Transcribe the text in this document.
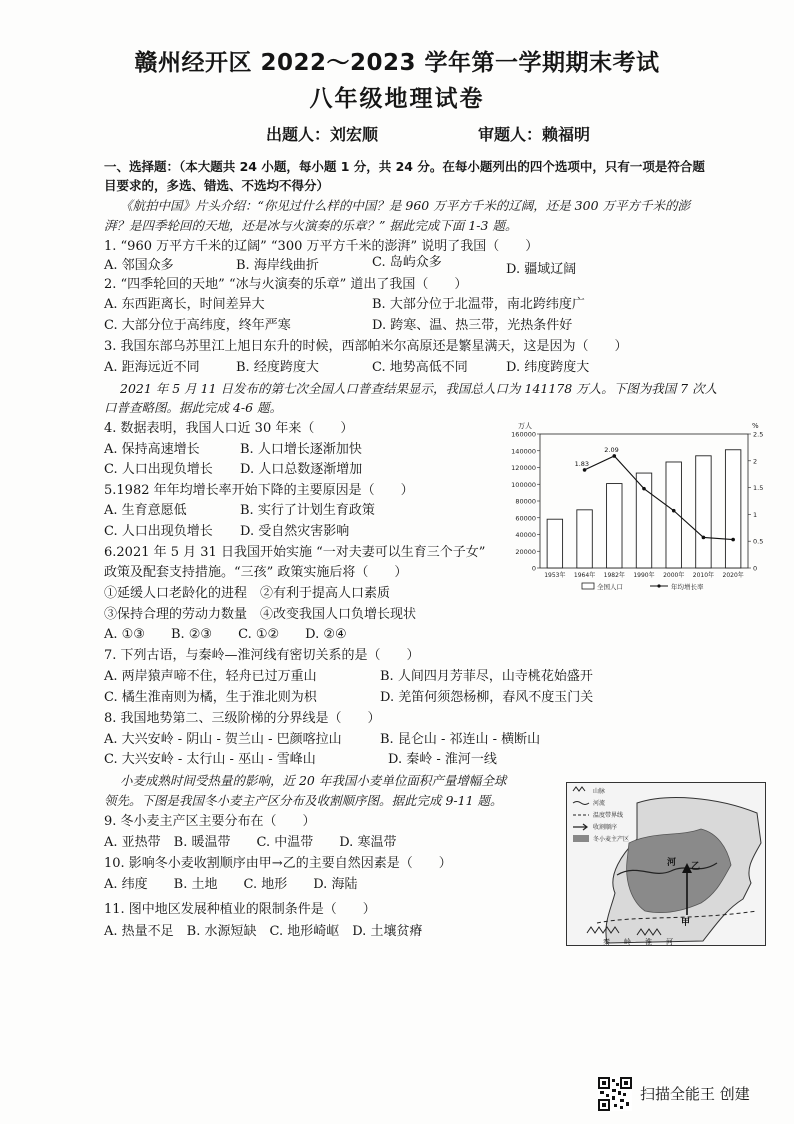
赣州经开区 2022～2023 学年第一学期期末考试
八年级地理试卷
出题人：刘宏顺	审题人：赖福明
一、选择题：（本大题共 24 小题，每小题 1 分，共 24 分。在每小题列出的四个选项中，只有一项是符合题
目要求的，多选、错选、不选均不得分）
《航拍中国》片头介绍：“你见过什么样的中国？是 960 万平方千米的辽阔，还是 300 万平方千米的澎
湃？是四季轮回的天地，还是冰与火演奏的乐章？” 据此完成下面 1-3 题。
1. “960 万平方千米的辽阔” “300 万平方千米的澎湃” 说明了我国（　　）
A. 邻国众多	B. 海岸线曲折	C. 岛屿众多	D. 疆域辽阔
2. “四季轮回的天地” “冰与火演奏的乐章” 道出了我国（　　）
A. 东西距离长，时间差异大	B. 大部分位于北温带，南北跨纬度广
C. 大部分位于高纬度，终年严寒	D. 跨寒、温、热三带，光热条件好
3. 我国东部乌苏里江上旭日东升的时候，西部帕米尔高原还是繁星满天，这是因为（　　）
A. 距海远近不同	B. 经度跨度大	C. 地势高低不同	D. 纬度跨度大
2021 年 5 月 11 日发布的第七次全国人口普查结果显示，我国总人口为 141178 万人。下图为我国 7 次人
口普查略图。据此完成 4-6 题。
4. 数据表明，我国人口近 30 年来（　　）
A. 保持高速增长	B. 人口增长逐渐加快
C. 人口出现负增长 D. 人口总数逐渐增加
5.1982 年年均增长率开始下降的主要原因是（　　）
A. 生育意愿低	B. 实行了计划生育政策
C. 人口出现负增长 D. 受自然灾害影响
6.2021 年 5 月 31 日我国开始实施 “一对夫妻可以生育三个子女”
政策及配套支持措施。“三孩” 政策实施后将（　　）
①延缓人口老龄化的进程　②有利于提高人口素质
③保持合理的劳动力数量　④改变我国人口负增长现状
A. ①③　　B. ②③　　C. ①②　　D. ②④
7. 下列古语，与秦岭—淮河线有密切关系的是（　　）
A. 两岸猿声啼不住，轻舟已过万重山	B. 人间四月芳菲尽，山寺桃花始盛开
C. 橘生淮南则为橘，生于淮北则为枳	D. 羌笛何须怨杨柳，春风不度玉门关
8. 我国地势第二、三级阶梯的分界线是（　　）
A. 大兴安岭 - 阴山 - 贺兰山 - 巴颜喀拉山	B. 昆仑山 - 祁连山 - 横断山
C. 大兴安岭 - 太行山 - 巫山 - 雪峰山	D. 秦岭 - 淮河一线
小麦成熟时间受热量的影响，近 20 年我国小麦单位面积产量增幅全球
领先。下图是我国冬小麦主产区分布及收割顺序图。据此完成 9-11 题。
9. 冬小麦主产区主要分布在（　　）
A. 亚热带　B. 暖温带　　C. 中温带　　D. 寒温带
10. 影响冬小麦收割顺序由甲→乙的主要自然因素是（　　）
A. 纬度　　B. 土地　　C. 地形　　D. 海陆
11. 图中地区发展种植业的限制条件是（　　）
A. 热量不足　B. 水源短缺　C. 地形崎岖　D. 土壤贫瘠
0
20000
40000
60000
80000
100000
120000
140000
160000
0
0.5
1
1.5
2
2.5
万人	%
1953年 1964年 1982年 1990年 2000年 2010年 2020年
1.83
2.09
全国人口	年均增长率
山脉
河流
温度带界线
收割顺序
冬小麦主产区
河 乙
甲
秦　　岭　　淮　　河
扫描全能王 创建
